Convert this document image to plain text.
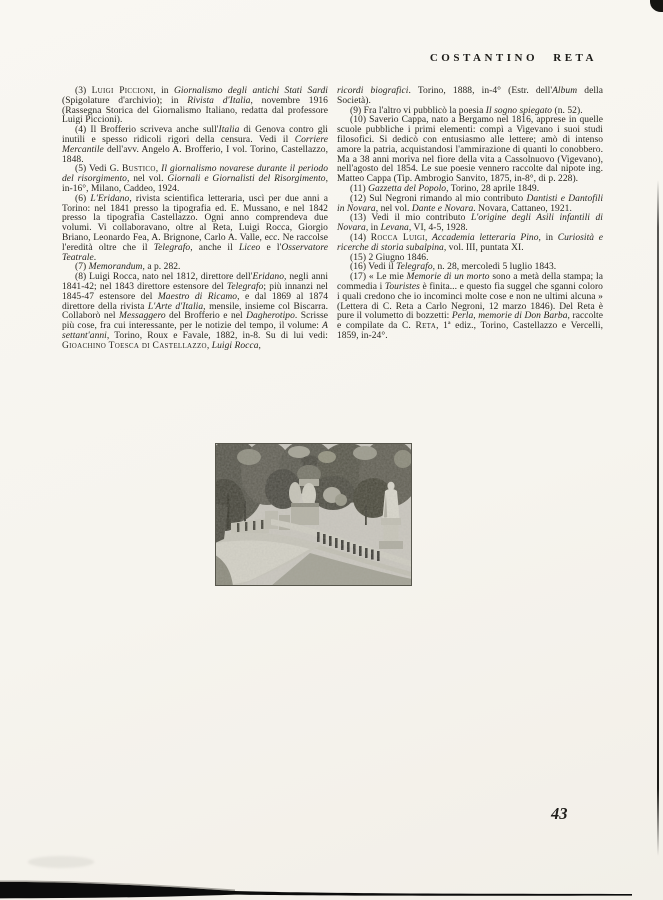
COSTANTINO RETA

(3) Luigi Piccioni, in Giornalismo degli antichi Stati Sardi (Spigolature d'archivio); in Rivista d'Italia, novembre 1916 (Rassegna Storica del Giornalismo Italiano, redatta dal professore Luigi Piccioni).

(4) Il Brofferio scriveva anche sull'Italia di Genova contro gli inutili e spesso ridicoli rigori della censura. Vedi il Corriere Mercantile dell'avv. Angelo A. Brofferio, I vol. Torino, Castellazzo, 1848.

(5) Vedi G. Bustico, Il giornalismo novarese durante il periodo del risorgimento, nel vol. Giornali e Giornalisti del Risorgimento, in-16°, Milano, Caddeo, 1924.

(6) L'Eridano, rivista scientifica letteraria, uscì per due anni a Torino: nel 1841 presso la tipografia ed. E. Mussano, e nel 1842 presso la tipografia Castellazzo. Ogni anno comprendeva due volumi. Vi collaboravano, oltre al Reta, Luigi Rocca, Giorgio Briano, Leonardo Fea, A. Brignone, Carlo A. Valle, ecc. Ne raccolse l'eredità oltre che il Telegrafo, anche il Liceo e l'Osservatore Teatrale.

(7) Memorandum, a p. 282.

(8) Luigi Rocca, nato nel 1812, direttore dell'Eridano, negli anni 1841-42; nel 1843 direttore estensore del Telegrafo; più innanzi nel 1845-47 estensore del Maestro di Ricamo, e dal 1869 al 1874 direttore della rivista L'Arte d'Italia, mensile, insieme col Biscarra. Collaborò nel Messaggero del Brofferio e nel Dagherotipo. Scrisse più cose, fra cui interessante, per le notizie del tempo, il volume: A settant'anni, Torino, Roux e Favale, 1882, in-8. Su di lui vedi: Gioachino Toesca di Castellazzo, Luigi Rocca,

ricordi biografici. Torino, 1888, in-4° (Estr. dell'Album della Società).

(9) Fra l'altro vi pubblicò la poesia Il sogno spiegato (n. 52).

(10) Saverio Cappa, nato a Bergamo nel 1816, apprese in quelle scuole pubbliche i primi elementi: compì a Vigevano i suoi studi filosofici. Si dedicò con entusiasmo alle lettere; amò di intenso amore la patria, acquistandosi l'ammirazione di quanti lo conobbero. Ma a 38 anni moriva nel fiore della vita a Cassolnuovo (Vigevano), nell'agosto del 1854. Le sue poesie vennero raccolte dal nipote ing. Matteo Cappa (Tip. Ambrogio Sanvito, 1875, in-8°, di p. 228).

(11) Gazzetta del Popolo, Torino, 28 aprile 1849.

(12) Sul Negroni rimando al mio contributo Dantisti e Dantofili in Novara, nel vol. Dante e Novara. Novara, Cattaneo, 1921.

(13) Vedi il mio contributo L'origine degli Asili infantili di Novara, in Levana, VI, 4-5, 1928.

(14) Rocca Luigi, Accademia letteraria Pino, in Curiosità e ricerche di storia subalpina, vol. III, puntata XI.

(15) 2 Giugno 1846.

(16) Vedi il Telegrafo, n. 28, mercoledì 5 luglio 1843.

(17) « Le mie Memorie di un morto sono a metà della stampa; la commedia i Touristes è finita... e questo fia suggel che sganni coloro i quali credono che io incominci molte cose e non ne ultimi alcuna » (Lettera di C. Reta a Carlo Negroni, 12 marzo 1846). Del Reta è pure il volumetto di bozzetti: Perla, memorie di Don Barba, raccolte e compilate da C. Reta, 1ª ediz., Torino, Castellazzo e Vercelli, 1859, in-24°.

43
